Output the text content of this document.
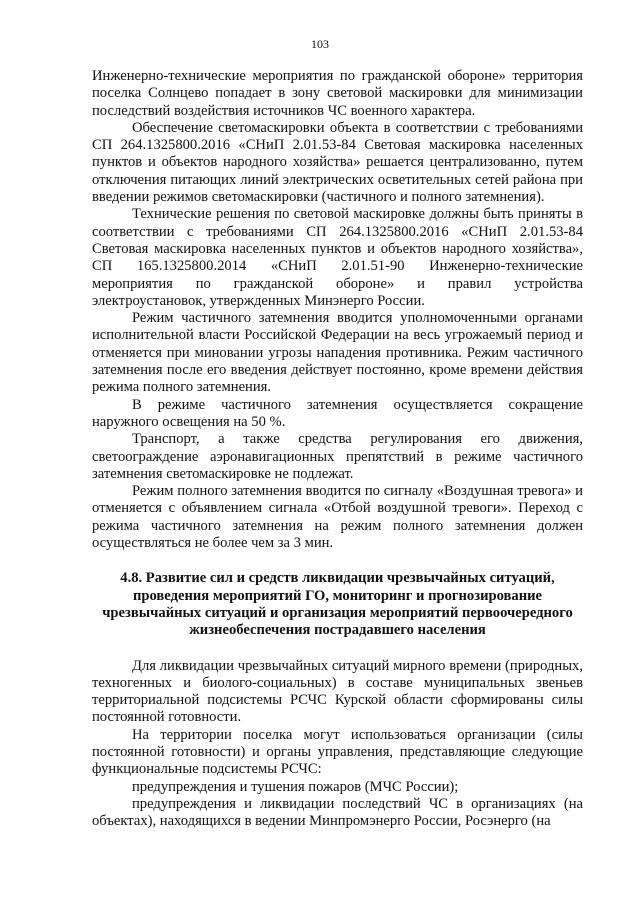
103

Инженерно-технические мероприятия по гражданской обороне» территория поселка Солнцево попадает в зону световой маскировки для минимизации последствий воздействия источников ЧС военного характера.

Обеспечение светомаскировки объекта в соответствии с требованиями СП 264.1325800.2016 «СНиП 2.01.53-84 Световая маскировка населенных пунктов и объектов народного хозяйства» решается централизованно, путем отключения питающих линий электрических осветительных сетей района при введении режимов светомаскировки (частичного и полного затемнения).

Технические решения по световой маскировке должны быть приняты в соответствии с требованиями СП 264.1325800.2016 «СНиП 2.01.53-84 Световая маскировка населенных пунктов и объектов народного хозяйства», СП 165.1325800.2014 «СНиП 2.01.51-90 Инженерно-технические мероприятия по гражданской обороне» и правил устройства электроустановок, утвержденных Минэнерго России.

Режим частичного затемнения вводится уполномоченными органами исполнительной власти Российской Федерации на весь угрожаемый период и отменяется при миновании угрозы нападения противника. Режим частичного затемнения после его введения действует постоянно, кроме времени действия режима полного затемнения.

В режиме частичного затемнения осуществляется сокращение наружного освещения на 50 %.

Транспорт, а также средства регулирования его движения, светоограждение аэронавигационных препятствий в режиме частичного затемнения светомаскировке не подлежат.

Режим полного затемнения вводится по сигналу «Воздушная тревога» и отменяется с объявлением сигнала «Отбой воздушной тревоги». Переход с режима частичного затемнения на режим полного затемнения должен осуществляться не более чем за 3 мин.

4.8. Развитие сил и средств ликвидации чрезвычайных ситуаций, проведения мероприятий ГО, мониторинг и прогнозирование чрезвычайных ситуаций и организация мероприятий первоочередного жизнеобеспечения пострадавшего населения

Для ликвидации чрезвычайных ситуаций мирного времени (природных, техногенных и биолого-социальных) в составе муниципальных звеньев территориальной подсистемы РСЧС Курской области сформированы силы постоянной готовности.

На территории поселка могут использоваться организации (силы постоянной готовности) и органы управления, представляющие следующие функциональные подсистемы РСЧС:

предупреждения и тушения пожаров (МЧС России);

предупреждения и ликвидации последствий ЧС в организациях (на объектах), находящихся в ведении Минпромэнерго России, Росэнерго (на
